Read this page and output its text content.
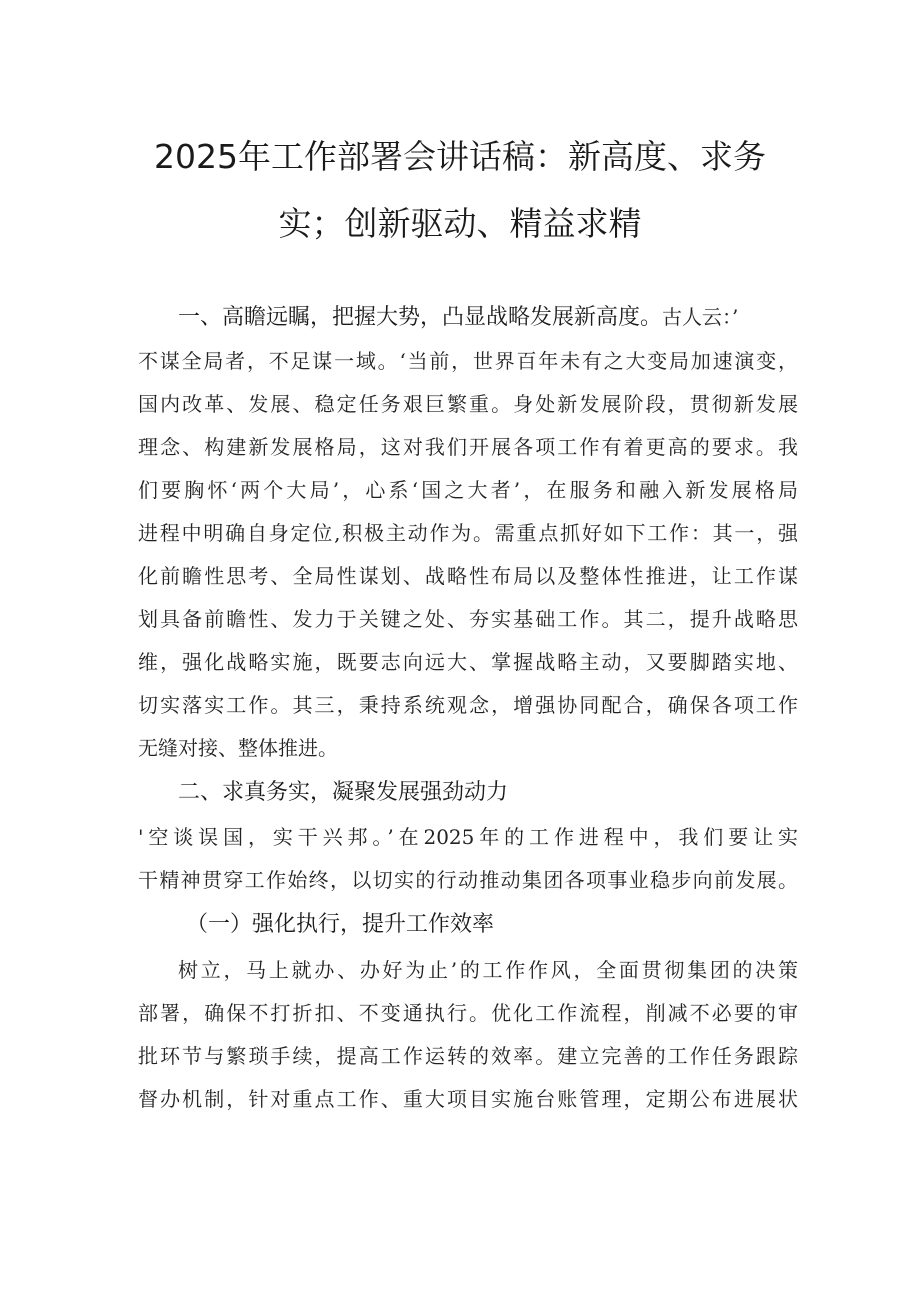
2025年工作部署会讲话稿：新高度、求务
实；创新驱动、精益求精
一、高瞻远瞩，把握大势，凸显战略发展新高度。古人云：’
不谋全局者，不足谋一域。‘当前，世界百年未有之大变局加速演变，
国内改革、发展、稳定任务艰巨繁重。身处新发展阶段，贯彻新发展
理念、构建新发展格局，这对我们开展各项工作有着更高的要求。我
们要胸怀‘两个大局’，心系‘国之大者’，在服务和融入新发展格局
进程中明确自身定位,积极主动作为。需重点抓好如下工作：其一，强
化前瞻性思考、全局性谋划、战略性布局以及整体性推进，让工作谋
划具备前瞻性、发力于关键之处、夯实基础工作。其二，提升战略思
维，强化战略实施，既要志向远大、掌握战略主动，又要脚踏实地、
切实落实工作。其三，秉持系统观念，增强协同配合，确保各项工作
无缝对接、整体推进。
二、求真务实，凝聚发展强劲动力
'空谈误国，实干兴邦。’在2025年的工作进程中，我们要让实
干精神贯穿工作始终，以切实的行动推动集团各项事业稳步向前发展。
（一）强化执行，提升工作效率
树立，马上就办、办好为止’的工作作风，全面贯彻集团的决策
部署，确保不打折扣、不变通执行。优化工作流程，削减不必要的审
批环节与繁琐手续，提高工作运转的效率。建立完善的工作任务跟踪
督办机制，针对重点工作、重大项目实施台账管理，定期公布进展状
